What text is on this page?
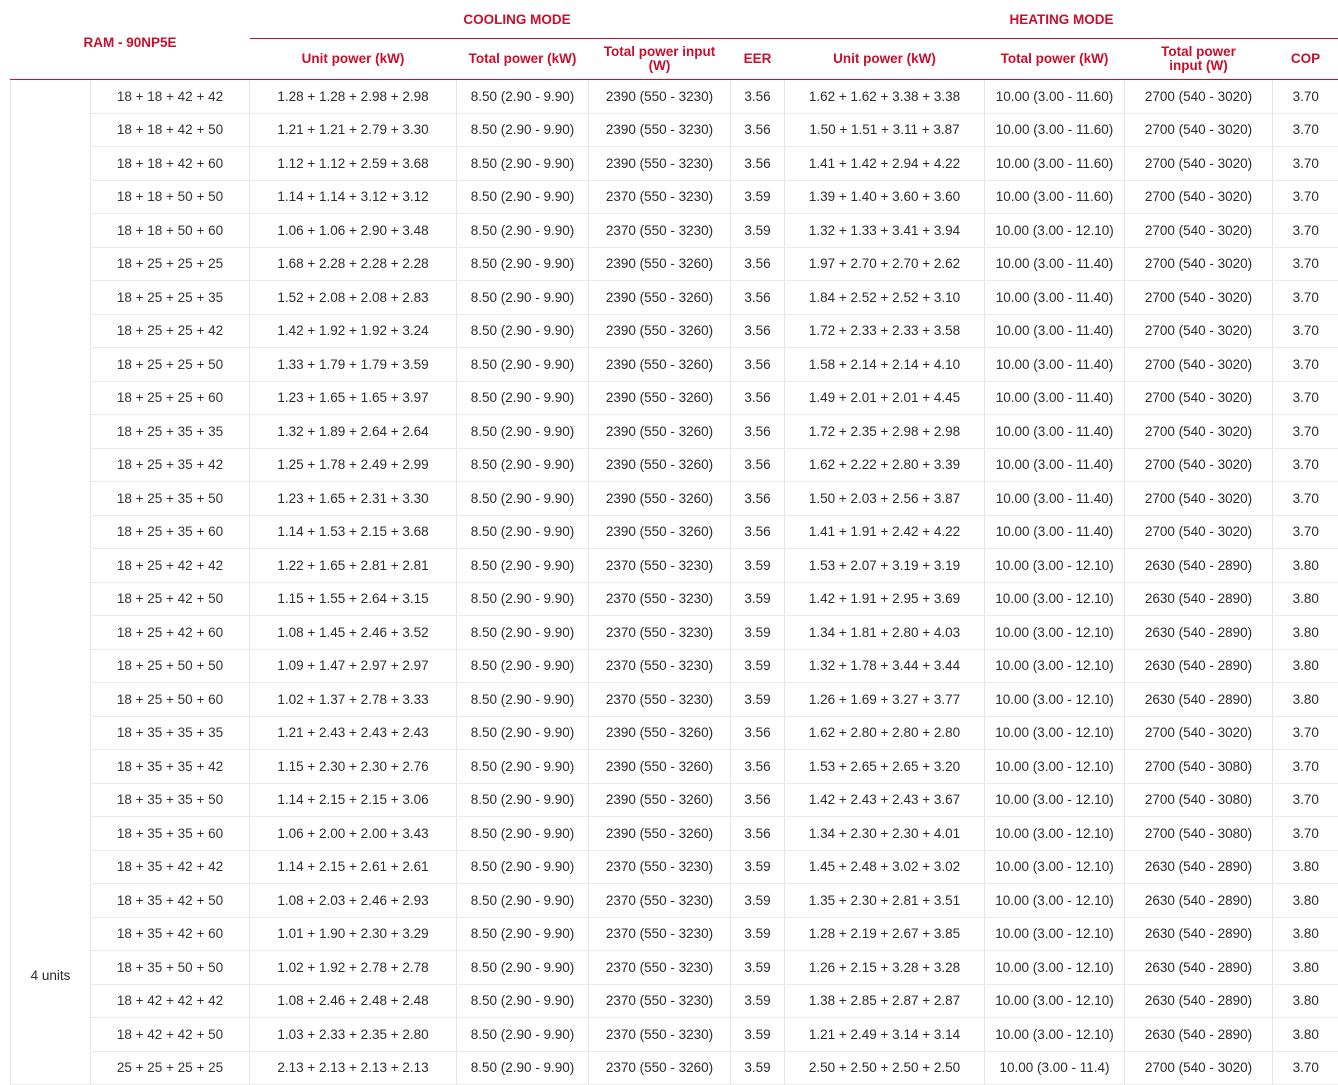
RAM - 90NP5E		COOLING MODE				HEATING MODE			
		Unit power (kW)	Total power (kW)	Total power input (W)	EER	Unit power (kW)	Total power (kW)	Total power input (W)	COP
4 units	18 + 18 + 42 + 42	1.28 + 1.28 + 2.98 + 2.98	8.50 (2.90 - 9.90)	2390 (550 - 3230)	3.56	1.62 + 1.62 + 3.38 + 3.38	10.00 (3.00 - 11.60)	2700 (540 - 3020)	3.70
	18 + 18 + 42 + 50	1.21 + 1.21 + 2.79 + 3.30	8.50 (2.90 - 9.90)	2390 (550 - 3230)	3.56	1.50 + 1.51 + 3.11 + 3.87	10.00 (3.00 - 11.60)	2700 (540 - 3020)	3.70
	18 + 18 + 42 + 60	1.12 + 1.12 + 2.59 + 3.68	8.50 (2.90 - 9.90)	2390 (550 - 3230)	3.56	1.41 + 1.42 + 2.94 + 4.22	10.00 (3.00 - 11.60)	2700 (540 - 3020)	3.70
	18 + 18 + 50 + 50	1.14 + 1.14 + 3.12 + 3.12	8.50 (2.90 - 9.90)	2370 (550 - 3230)	3.59	1.39 + 1.40 + 3.60 + 3.60	10.00 (3.00 - 11.60)	2700 (540 - 3020)	3.70
	18 + 18 + 50 + 60	1.06 + 1.06 + 2.90 + 3.48	8.50 (2.90 - 9.90)	2370 (550 - 3230)	3.59	1.32 + 1.33 + 3.41 + 3.94	10.00 (3.00 - 12.10)	2700 (540 - 3020)	3.70
	18 + 25 + 25 + 25	1.68 + 2.28 + 2.28 + 2.28	8.50 (2.90 - 9.90)	2390 (550 - 3260)	3.56	1.97 + 2.70 + 2.70 + 2.62	10.00 (3.00 - 11.40)	2700 (540 - 3020)	3.70
	18 + 25 + 25 + 35	1.52 + 2.08 + 2.08 + 2.83	8.50 (2.90 - 9.90)	2390 (550 - 3260)	3.56	1.84 + 2.52 + 2.52 + 3.10	10.00 (3.00 - 11.40)	2700 (540 - 3020)	3.70
	18 + 25 + 25 + 42	1.42 + 1.92 + 1.92 + 3.24	8.50 (2.90 - 9.90)	2390 (550 - 3260)	3.56	1.72 + 2.33 + 2.33 + 3.58	10.00 (3.00 - 11.40)	2700 (540 - 3020)	3.70
	18 + 25 + 25 + 50	1.33 + 1.79 + 1.79 + 3.59	8.50 (2.90 - 9.90)	2390 (550 - 3260)	3.56	1.58 + 2.14 + 2.14 + 4.10	10.00 (3.00 - 11.40)	2700 (540 - 3020)	3.70
	18 + 25 + 25 + 60	1.23 + 1.65 + 1.65 + 3.97	8.50 (2.90 - 9.90)	2390 (550 - 3260)	3.56	1.49 + 2.01 + 2.01 + 4.45	10.00 (3.00 - 11.40)	2700 (540 - 3020)	3.70
	18 + 25 + 35 + 35	1.32 + 1.89 + 2.64 + 2.64	8.50 (2.90 - 9.90)	2390 (550 - 3260)	3.56	1.72 + 2.35 + 2.98 + 2.98	10.00 (3.00 - 11.40)	2700 (540 - 3020)	3.70
	18 + 25 + 35 + 42	1.25 + 1.78 + 2.49 + 2.99	8.50 (2.90 - 9.90)	2390 (550 - 3260)	3.56	1.62 + 2.22 + 2.80 + 3.39	10.00 (3.00 - 11.40)	2700 (540 - 3020)	3.70
	18 + 25 + 35 + 50	1.23 + 1.65 + 2.31 + 3.30	8.50 (2.90 - 9.90)	2390 (550 - 3260)	3.56	1.50 + 2.03 + 2.56 + 3.87	10.00 (3.00 - 11.40)	2700 (540 - 3020)	3.70
	18 + 25 + 35 + 60	1.14 + 1.53 + 2.15 + 3.68	8.50 (2.90 - 9.90)	2390 (550 - 3260)	3.56	1.41 + 1.91 + 2.42 + 4.22	10.00 (3.00 - 11.40)	2700 (540 - 3020)	3.70
	18 + 25 + 42 + 42	1.22 + 1.65 + 2.81 + 2.81	8.50 (2.90 - 9.90)	2370 (550 - 3230)	3.59	1.53 + 2.07 + 3.19 + 3.19	10.00 (3.00 - 12.10)	2630 (540 - 2890)	3.80
	18 + 25 + 42 + 50	1.15 + 1.55 + 2.64 + 3.15	8.50 (2.90 - 9.90)	2370 (550 - 3230)	3.59	1.42 + 1.91 + 2.95 + 3.69	10.00 (3.00 - 12.10)	2630 (540 - 2890)	3.80
	18 + 25 + 42 + 60	1.08 + 1.45 + 2.46 + 3.52	8.50 (2.90 - 9.90)	2370 (550 - 3230)	3.59	1.34 + 1.81 + 2.80 + 4.03	10.00 (3.00 - 12.10)	2630 (540 - 2890)	3.80
	18 + 25 + 50 + 50	1.09 + 1.47 + 2.97 + 2.97	8.50 (2.90 - 9.90)	2370 (550 - 3230)	3.59	1.32 + 1.78 + 3.44 + 3.44	10.00 (3.00 - 12.10)	2630 (540 - 2890)	3.80
	18 + 25 + 50 + 60	1.02 + 1.37 + 2.78 + 3.33	8.50 (2.90 - 9.90)	2370 (550 - 3230)	3.59	1.26 + 1.69 + 3.27 + 3.77	10.00 (3.00 - 12.10)	2630 (540 - 2890)	3.80
	18 + 35 + 35 + 35	1.21 + 2.43 + 2.43 + 2.43	8.50 (2.90 - 9.90)	2390 (550 - 3260)	3.56	1.62 + 2.80 + 2.80 + 2.80	10.00 (3.00 - 12.10)	2700 (540 - 3020)	3.70
	18 + 35 + 35 + 42	1.15 + 2.30 + 2.30 + 2.76	8.50 (2.90 - 9.90)	2390 (550 - 3260)	3.56	1.53 + 2.65 + 2.65 + 3.20	10.00 (3.00 - 12.10)	2700 (540 - 3080)	3.70
	18 + 35 + 35 + 50	1.14 + 2.15 + 2.15 + 3.06	8.50 (2.90 - 9.90)	2390 (550 - 3260)	3.56	1.42 + 2.43 + 2.43 + 3.67	10.00 (3.00 - 12.10)	2700 (540 - 3080)	3.70
	18 + 35 + 35 + 60	1.06 + 2.00 + 2.00 + 3.43	8.50 (2.90 - 9.90)	2390 (550 - 3260)	3.56	1.34 + 2.30 + 2.30 + 4.01	10.00 (3.00 - 12.10)	2700 (540 - 3080)	3.70
	18 + 35 + 42 + 42	1.14 + 2.15 + 2.61 + 2.61	8.50 (2.90 - 9.90)	2370 (550 - 3230)	3.59	1.45 + 2.48 + 3.02 + 3.02	10.00 (3.00 - 12.10)	2630 (540 - 2890)	3.80
	18 + 35 + 42 + 50	1.08 + 2.03 + 2.46 + 2.93	8.50 (2.90 - 9.90)	2370 (550 - 3230)	3.59	1.35 + 2.30 + 2.81 + 3.51	10.00 (3.00 - 12.10)	2630 (540 - 2890)	3.80
	18 + 35 + 42 + 60	1.01 + 1.90 + 2.30 + 3.29	8.50 (2.90 - 9.90)	2370 (550 - 3230)	3.59	1.28 + 2.19 + 2.67 + 3.85	10.00 (3.00 - 12.10)	2630 (540 - 2890)	3.80
	18 + 35 + 50 + 50	1.02 + 1.92 + 2.78 + 2.78	8.50 (2.90 - 9.90)	2370 (550 - 3230)	3.59	1.26 + 2.15 + 3.28 + 3.28	10.00 (3.00 - 12.10)	2630 (540 - 2890)	3.80
	18 + 42 + 42 + 42	1.08 + 2.46 + 2.48 + 2.48	8.50 (2.90 - 9.90)	2370 (550 - 3230)	3.59	1.38 + 2.85 + 2.87 + 2.87	10.00 (3.00 - 12.10)	2630 (540 - 2890)	3.80
	18 + 42 + 42 + 50	1.03 + 2.33 + 2.35 + 2.80	8.50 (2.90 - 9.90)	2370 (550 - 3230)	3.59	1.21 + 2.49 + 3.14 + 3.14	10.00 (3.00 - 12.10)	2630 (540 - 2890)	3.80
	25 + 25 + 25 + 25	2.13 + 2.13 + 2.13 + 2.13	8.50 (2.90 - 9.90)	2370 (550 - 3260)	3.59	2.50 + 2.50 + 2.50 + 2.50	10.00 (3.00 - 11.4)	2700 (540 - 3020)	3.70
